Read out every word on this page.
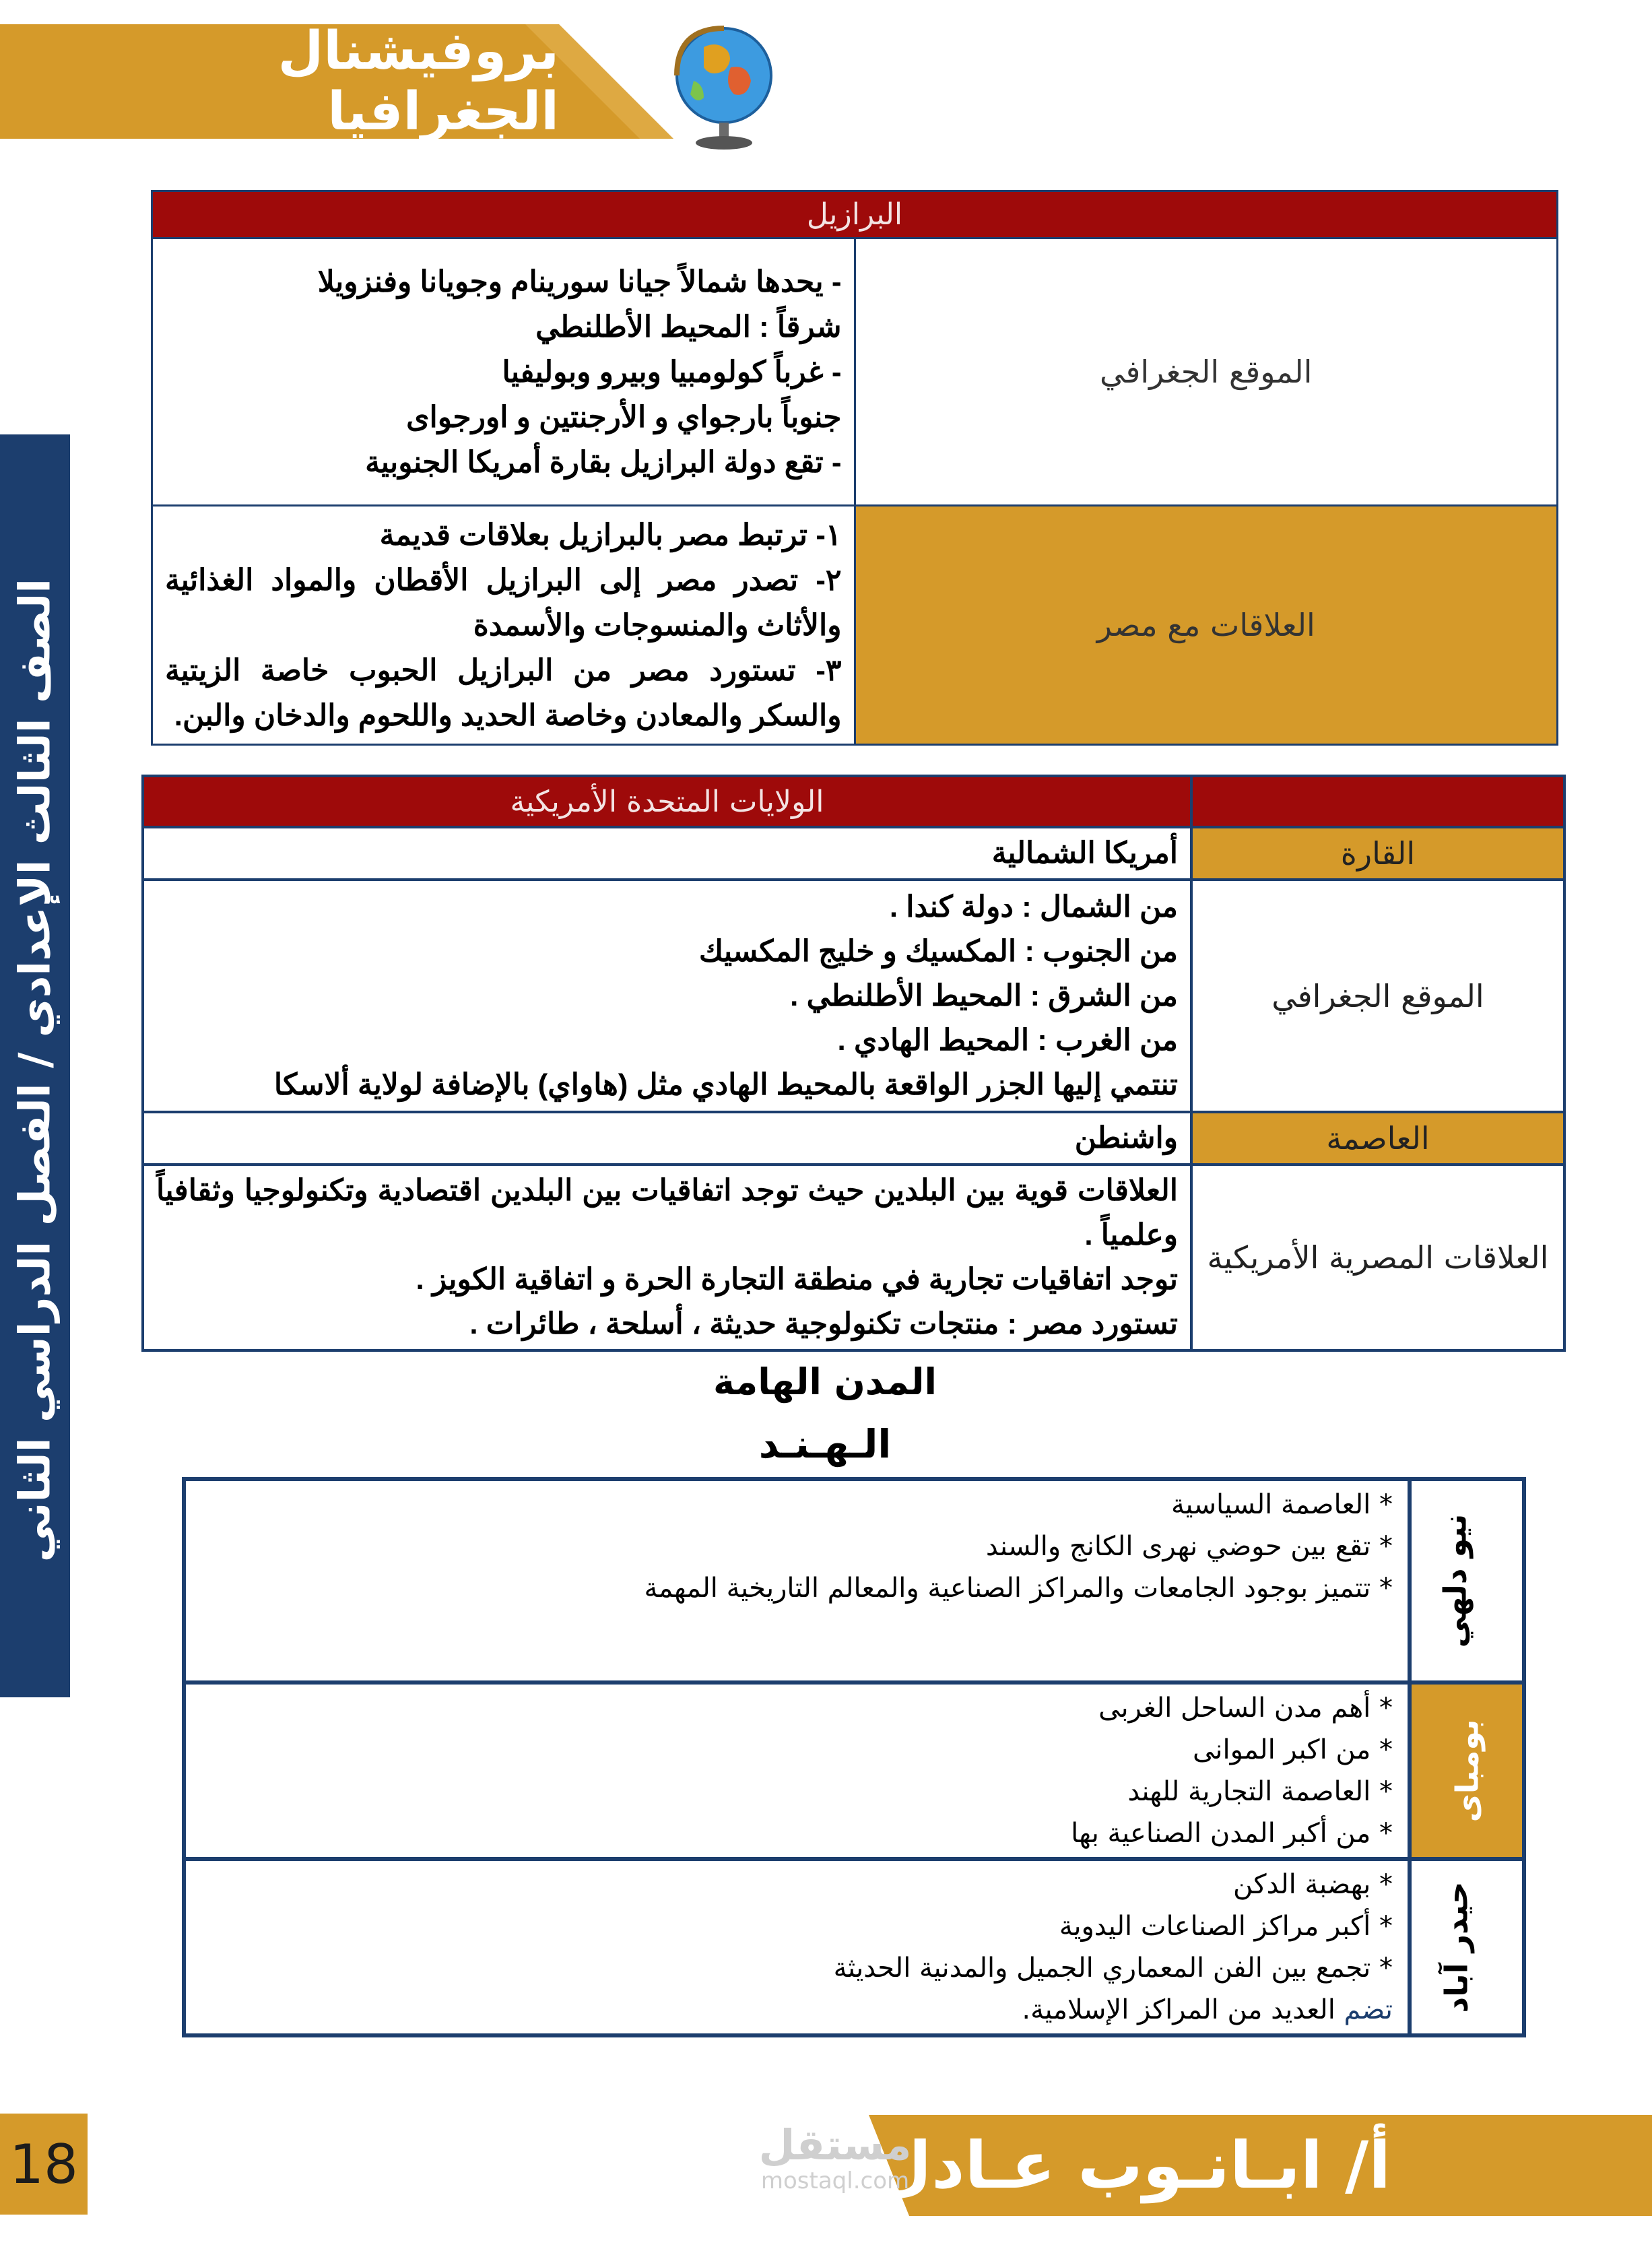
بروفيشنال الجغرافيا
الصف الثالث الإعدادي / الفصل الدراسي الثاني
البرازيل	
الموقع الجغرافي	- يحدها شمالاً جيانا سورينام وجويانا وفنزويلا
شرقاً : المحيط الأطلنطي
- غرباً كولومبيا وبيرو وبوليفيا
جنوباً بارجواي و الأرجنتين و اورجواى
- تقع دولة البرازيل بقارة أمريكا الجنوبية

العلاقات مع مصر	١- ترتبط مصر بالبرازيل بعلاقات قديمة
٢- تصدر مصر إلى البرازيل الأقطان والمواد الغذائية والأثاث والمنسوجات والأسمدة
٣- تستورد مصر من البرازيل الحبوب خاصة الزيتية والسكر والمعادن وخاصة الحديد واللحوم والدخان والبن.
	الولايات المتحدة الأمريكية
القارة	أمريكا الشمالية
الموقع الجغرافي	من الشمال : دولة كندا .
من الجنوب : المكسيك و خليج المكسيك
من الشرق : المحيط الأطلنطي .
من الغرب : المحيط الهادي .
تنتمي إليها الجزر الواقعة بالمحيط الهادي مثل (هاواي) بالإضافة لولاية ألاسكا

العاصمة	واشنطن
العلاقات المصرية الأمريكية	العلاقات قوية بين البلدين حيث توجد اتفاقيات بين البلدين اقتصادية وتكنولوجيا وثقافياً وعلمياً .
توجد اتفاقيات تجارية في منطقة التجارة الحرة و اتفاقية الكويز .
تستورد مصر : منتجات تكنولوجية حديثة ، أسلحة ، طائرات .
المدن الهامة
الـهـنـد
نيو دلهي	* العاصمة السياسية
* تقع بين حوضي نهرى الكانج والسند
* تتميز بوجود الجامعات والمراكز الصناعية والمعالم التاريخية المهمة

بومباى	* أهم مدن الساحل الغربى
* من اكبر الموانى
* العاصمة التجارية للهند
* من أكبر المدن الصناعية بها

حيدر آباد	* بهضبة الدكن
* أكبر مراكز الصناعات اليدوية
* تجمع بين الفن المعماري الجميل والمدنية الحديثة
تضم العديد من المراكز الإسلامية.
أ/ ابـانـوب عـادل
18	مستقل
mostaql.com
